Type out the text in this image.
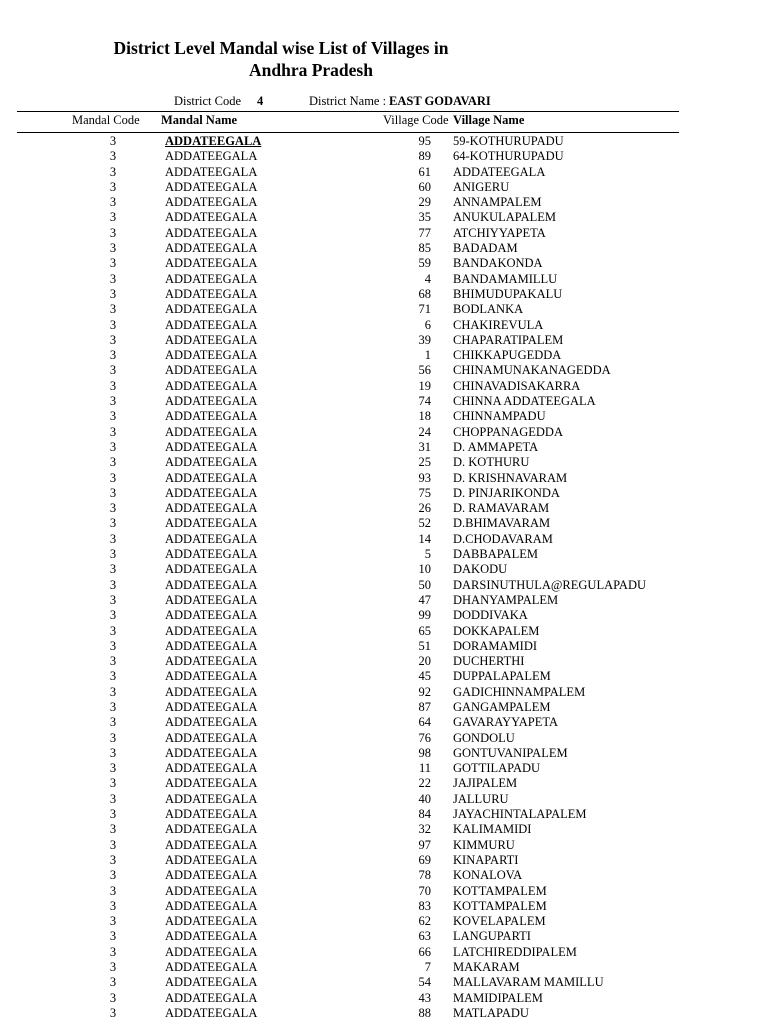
District Level Mandal wise List of Villages in
Andhra Pradesh
District Code 4	District Name : EAST GODAVARI
Mandal Code Mandal Name	Village Code Village Name
3	ADDATEEGALA	95 59-KOTHURUPADU
3	ADDATEEGALA	89 64-KOTHURUPADU
3	ADDATEEGALA	61 ADDATEEGALA
3	ADDATEEGALA	60 ANIGERU
3	ADDATEEGALA	29 ANNAMPALEM
3	ADDATEEGALA	35 ANUKULAPALEM
3	ADDATEEGALA	77 ATCHIYYAPETA
3	ADDATEEGALA	85 BADADAM
3	ADDATEEGALA	59 BANDAKONDA
3	ADDATEEGALA	4 BANDAMAMILLU
3	ADDATEEGALA	68 BHIMUDUPAKALU
3	ADDATEEGALA	71 BODLANKA
3	ADDATEEGALA	6 CHAKIREVULA
3	ADDATEEGALA	39 CHAPARATIPALEM
3	ADDATEEGALA	1 CHIKKAPUGEDDA
3	ADDATEEGALA	56 CHINAMUNAKANAGEDDA
3	ADDATEEGALA	19 CHINAVADISAKARRA
3	ADDATEEGALA	74 CHINNA ADDATEEGALA
3	ADDATEEGALA	18 CHINNAMPADU
3	ADDATEEGALA	24 CHOPPANAGEDDA
3	ADDATEEGALA	31 D. AMMAPETA
3	ADDATEEGALA	25 D. KOTHURU
3	ADDATEEGALA	93 D. KRISHNAVARAM
3	ADDATEEGALA	75 D. PINJARIKONDA
3	ADDATEEGALA	26 D. RAMAVARAM
3	ADDATEEGALA	52 D.BHIMAVARAM
3	ADDATEEGALA	14 D.CHODAVARAM
3	ADDATEEGALA	5 DABBAPALEM
3	ADDATEEGALA	10 DAKODU
3	ADDATEEGALA	50 DARSINUTHULA@REGULAPADU
3	ADDATEEGALA	47 DHANYAMPALEM
3	ADDATEEGALA	99 DODDIVAKA
3	ADDATEEGALA	65 DOKKAPALEM
3	ADDATEEGALA	51 DORAMAMIDI
3	ADDATEEGALA	20 DUCHERTHI
3	ADDATEEGALA	45 DUPPALAPALEM
3	ADDATEEGALA	92 GADICHINNAMPALEM
3	ADDATEEGALA	87 GANGAMPALEM
3	ADDATEEGALA	64 GAVARAYYAPETA
3	ADDATEEGALA	76 GONDOLU
3	ADDATEEGALA	98 GONTUVANIPALEM
3	ADDATEEGALA	11 GOTTILAPADU
3	ADDATEEGALA	22 JAJIPALEM
3	ADDATEEGALA	40 JALLURU
3	ADDATEEGALA	84 JAYACHINTALAPALEM
3	ADDATEEGALA	32 KALIMAMIDI
3	ADDATEEGALA	97 KIMMURU
3	ADDATEEGALA	69 KINAPARTI
3	ADDATEEGALA	78 KONALOVA
3	ADDATEEGALA	70 KOTTAMPALEM
3	ADDATEEGALA	83 KOTTAMPALEM
3	ADDATEEGALA	62 KOVELAPALEM
3	ADDATEEGALA	63 LANGUPARTI
3	ADDATEEGALA	66 LATCHIREDDIPALEM
3	ADDATEEGALA	7 MAKARAM
3	ADDATEEGALA	54 MALLAVARAM MAMILLU
3	ADDATEEGALA	43 MAMIDIPALEM
3	ADDATEEGALA	88 MATLAPADU
